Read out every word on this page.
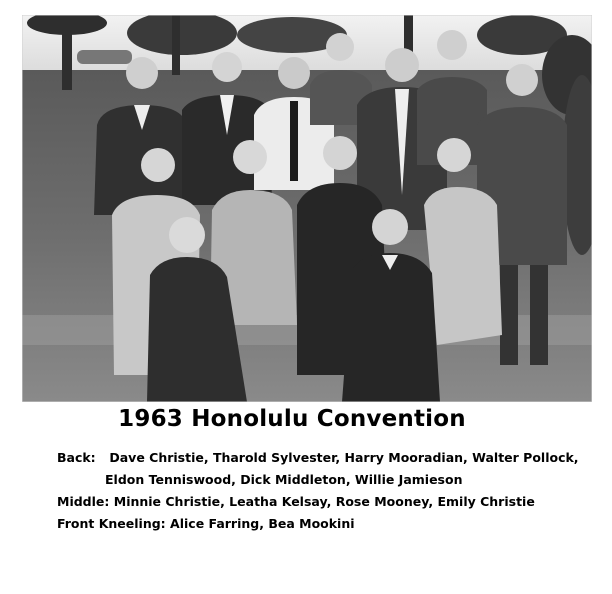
1963 Honolulu Convention
Back: Dave Christie, Tharold Sylvester, Harry Mooradian, Walter Pollock,
Eldon Tenniswood, Dick Middleton, Willie Jamieson
Middle: Minnie Christie, Leatha Kelsay, Rose Mooney, Emily Christie
Front Kneeling: Alice Farring, Bea Mookini
